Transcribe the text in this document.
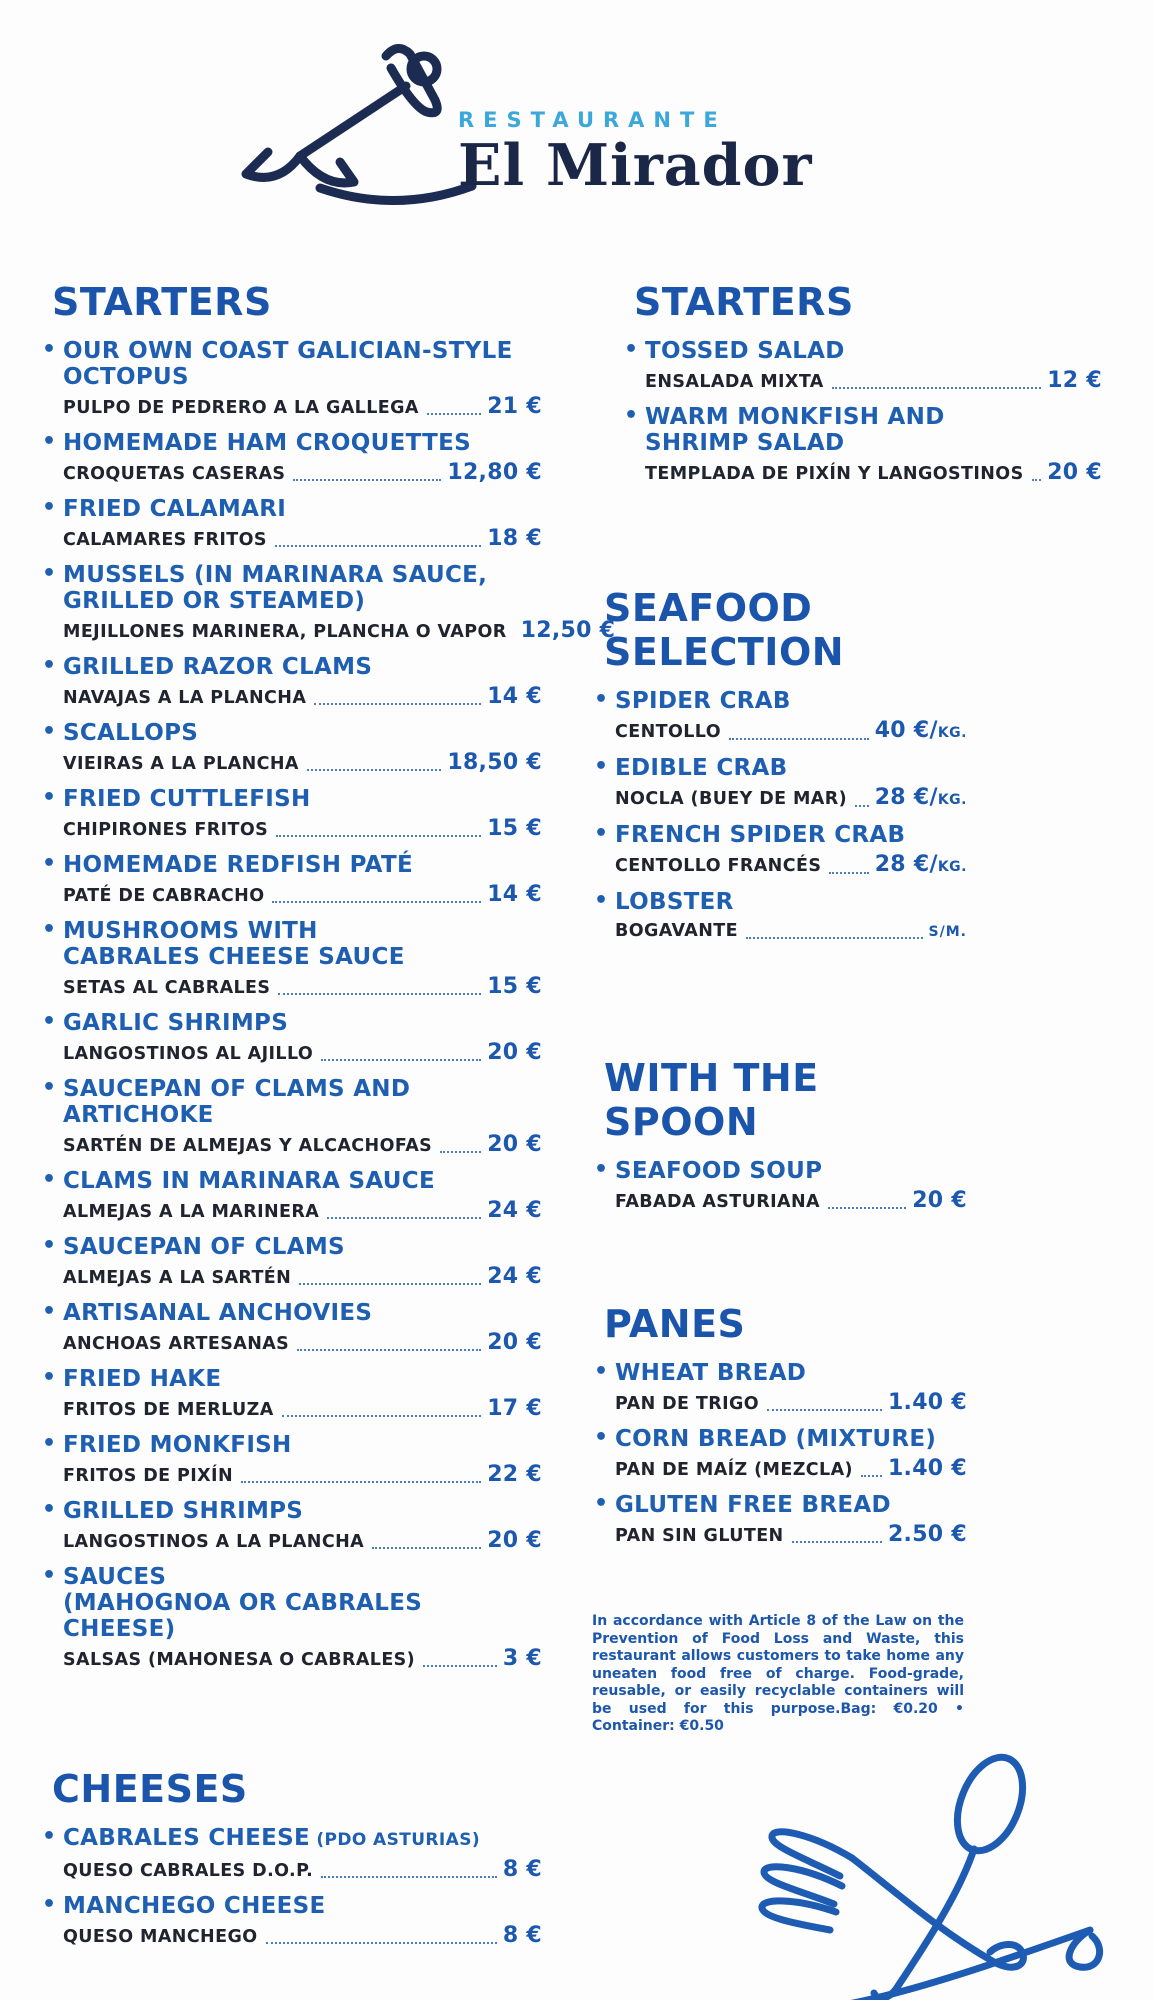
RESTAURANTE
El Mirador
STARTERS
• OUR OWN COAST GALICIAN-STYLE
OCTOPUS
PULPO DE PEDRERO A LA GALLEGA	21 €
• HOMEMADE HAM CROQUETTES
CROQUETAS CASERAS	12,80 €
• FRIED CALAMARI
CALAMARES FRITOS	18 €
• MUSSELS (IN MARINARA SAUCE,
GRILLED OR STEAMED)
MEJILLONES MARINERA, PLANCHA O VAPOR 12,50 €
• GRILLED RAZOR CLAMS
NAVAJAS A LA PLANCHA	14 €
• SCALLOPS
VIEIRAS A LA PLANCHA	18,50 €
• FRIED CUTTLEFISH
CHIPIRONES FRITOS	15 €
• HOMEMADE REDFISH PATÉ
PATÉ DE CABRACHO	14 €
• MUSHROOMS WITH
CABRALES CHEESE SAUCE
SETAS AL CABRALES	15 €
• GARLIC SHRIMPS
LANGOSTINOS AL AJILLO	20 €
• SAUCEPAN OF CLAMS AND
ARTICHOKE
SARTÉN DE ALMEJAS Y ALCACHOFAS	20 €
• CLAMS IN MARINARA SAUCE
ALMEJAS A LA MARINERA	24 €
• SAUCEPAN OF CLAMS
ALMEJAS A LA SARTÉN	24 €
• ARTISANAL ANCHOVIES
ANCHOAS ARTESANAS	20 €
• FRIED HAKE
FRITOS DE MERLUZA	17 €
• FRIED MONKFISH
FRITOS DE PIXÍN	22 €
• GRILLED SHRIMPS
LANGOSTINOS A LA PLANCHA	20 €
• SAUCES
(MAHOGNOA OR CABRALES CHEESE)
SALSAS (MAHONESA O CABRALES)	3 €
CHEESES
• CABRALES CHEESE (PDO ASTURIAS)
QUESO CABRALES D.O.P.	8 €
• MANCHEGO CHEESE
QUESO MANCHEGO	8 €
STARTERS
• TOSSED SALAD
ENSALADA MIXTA	12 €
• WARM MONKFISH AND
SHRIMP SALAD
TEMPLADA DE PIXÍN Y LANGOSTINOS 20 €
SEAFOOD
SELECTION
• SPIDER CRAB
CENTOLLO	40 €/KG.
• EDIBLE CRAB
NOCLA (BUEY DE MAR) 28 €/KG.
• FRENCH SPIDER CRAB
CENTOLLO FRANCÉS 28 €/KG.
• LOBSTER
BOGAVANTE	S/M.
WITH THE SPOON
• SEAFOOD SOUP
FABADA ASTURIANA	20 €
PANES
• WHEAT BREAD
PAN DE TRIGO	1.40 €
• CORN BREAD (MIXTURE)
PAN DE MAÍZ (MEZCLA) 1.40 €
• GLUTEN FREE BREAD
PAN SIN GLUTEN	2.50 €
In accordance with Article 8 of the Law on the Prevention of Food Loss and Waste, this restaurant allows customers to take home any uneaten food free of charge. Food-grade, reusable, or easily recyclable containers will be used for this purpose.Bag: €0.20 • Container: €0.50
